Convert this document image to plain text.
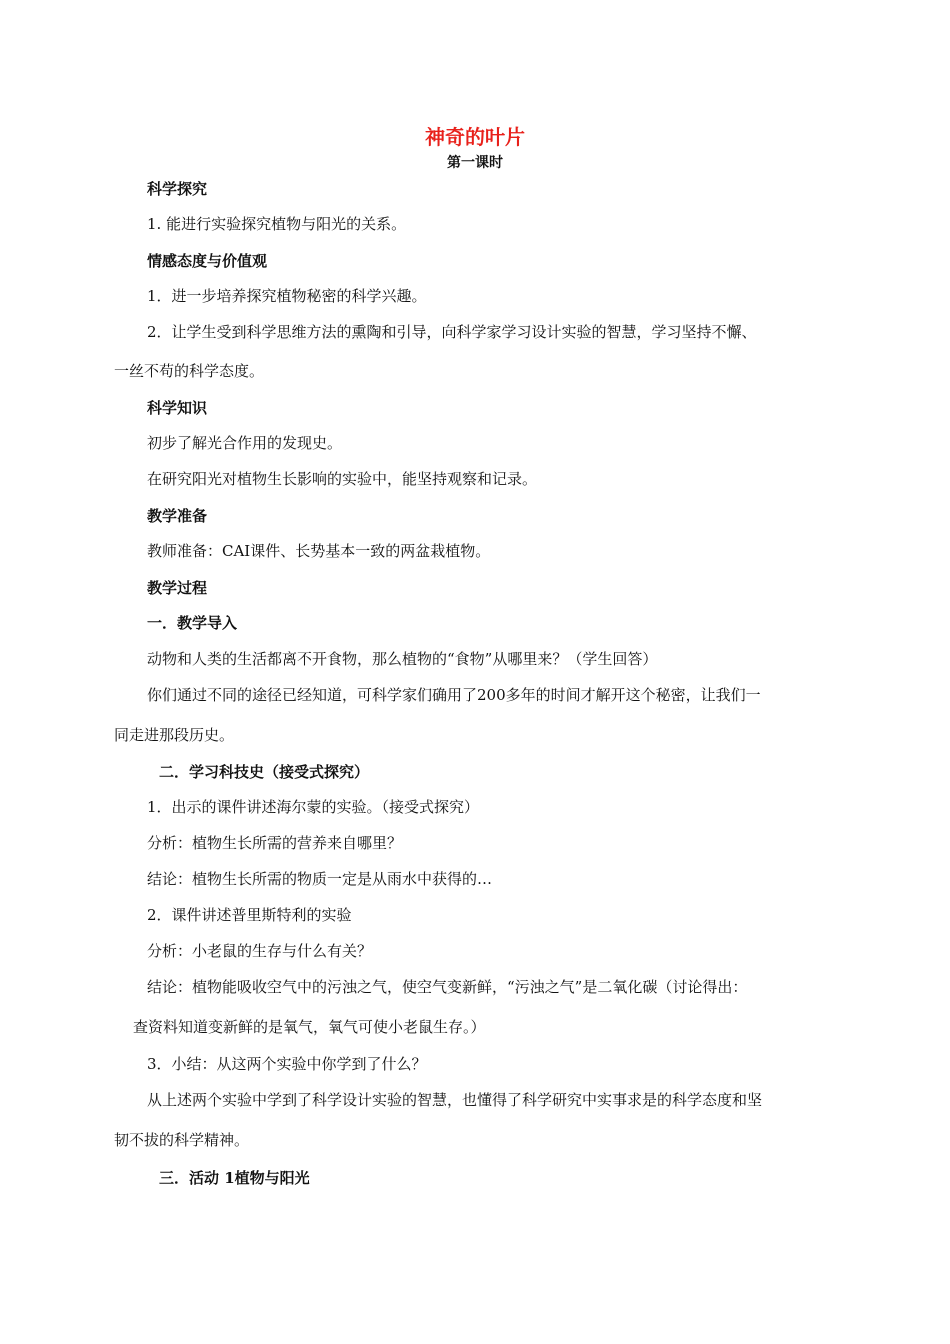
神奇的叶片
第一课时
科学探究
1. 能进行实验探究植物与阳光的关系。
情感态度与价值观
1．进一步培养探究植物秘密的科学兴趣。
2．让学生受到科学思维方法的熏陶和引导，向科学家学习设计实验的智慧，学习坚持不懈、
一丝不苟的科学态度。
科学知识
初步了解光合作用的发现史。
在研究阳光对植物生长影响的实验中，能坚持观察和记录。
教学准备
教师准备：CAI课件、长势基本一致的两盆栽植物。
教学过程
一．教学导入
动物和人类的生活都离不开食物，那么植物的“食物”从哪里来？（学生回答）
你们通过不同的途径已经知道，可科学家们确用了200多年的时间才解开这个秘密，让我们一
同走进那段历史。
二．学习科技史（接受式探究）
1．出示的课件讲述海尔蒙的实验。（接受式探究）
分析：植物生长所需的营养来自哪里？
结论：植物生长所需的物质一定是从雨水中获得的…
2．课件讲述普里斯特利的实验
分析：小老鼠的生存与什么有关？
结论：植物能吸收空气中的污浊之气，使空气变新鲜，“污浊之气”是二氧化碳（讨论得出：
查资料知道变新鲜的是氧气，氧气可使小老鼠生存。）
3．小结：从这两个实验中你学到了什么？
从上述两个实验中学到了科学设计实验的智慧，也懂得了科学研究中实事求是的科学态度和坚
韧不拔的科学精神。
三．活动 1植物与阳光
